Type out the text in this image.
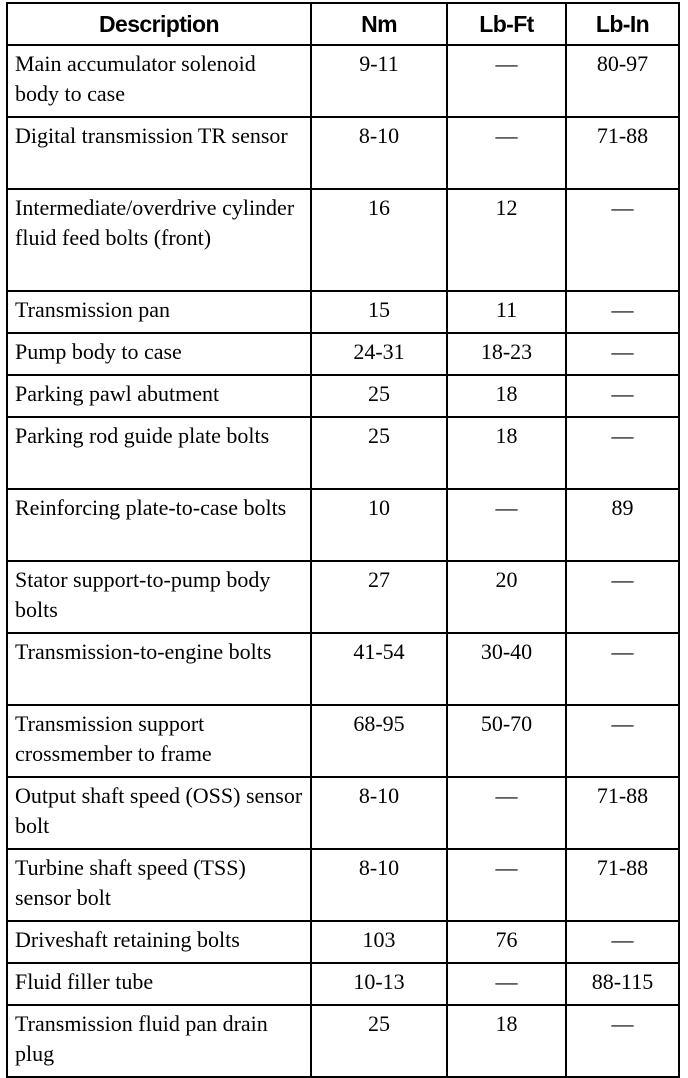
Description	Nm	Lb-Ft	Lb-In
Main accumulator solenoid body to case	9-11	—	80-97
Digital transmission TR sensor	8-10	—	71-88
Intermediate/overdrive cylinder fluid feed bolts (front)	16	12	—
Transmission pan	15	11	—
Pump body to case	24-31	18-23	—
Parking pawl abutment	25	18	—
Parking rod guide plate bolts	25	18	—
Reinforcing plate-to-case bolts	10	—	89
Stator support-to-pump body bolts	27	20	—
Transmission-to-engine bolts	41-54	30-40	—
Transmission support crossmember to frame	68-95	50-70	—
Output shaft speed (OSS) sensor bolt	8-10	—	71-88
Turbine shaft speed (TSS) sensor bolt	8-10	—	71-88
Driveshaft retaining bolts	103	76	—
Fluid filler tube	10-13	—	88-115
Transmission fluid pan drain plug	25	18	—
